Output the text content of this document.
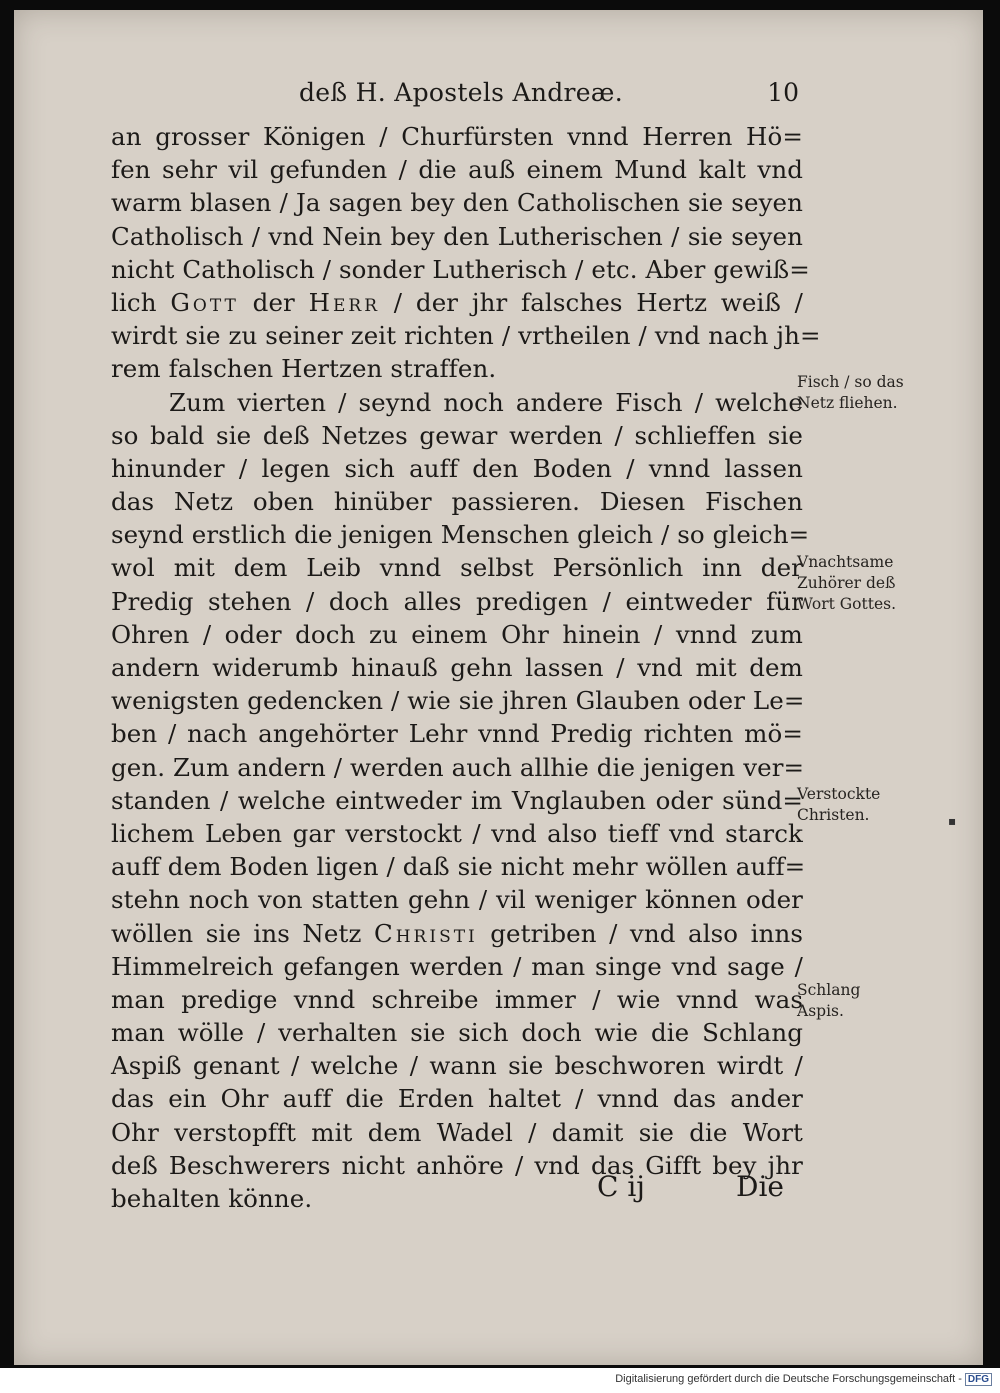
deß H. Apostels Andreæ.	10
an grosser Königen / Churfürsten vnnd Herren Hö=
fen sehr vil gefunden / die auß einem Mund kalt vnd
warm blasen / Ja sagen bey den Catholischen sie seyen
Catholisch / vnd Nein bey den Lutherischen / sie seyen
nicht Catholisch / sonder Lutherisch / etc. Aber gewiß=
lich Gott der Herr / der jhr falsches Hertz weiß /
wirdt sie zu seiner zeit richten / vrtheilen / vnd nach jh=
rem falschen Hertzen straffen.
Zum vierten / seynd noch andere Fisch / welche
so bald sie deß Netzes gewar werden / schlieffen sie
hinunder / legen sich auff den Boden / vnnd lassen
das Netz oben hinüber passieren. Diesen Fischen
seynd erstlich die jenigen Menschen gleich / so gleich=
wol mit dem Leib vnnd selbst Persönlich inn der
Predig stehen / doch alles predigen / eintweder für
Ohren / oder doch zu einem Ohr hinein / vnnd zum
andern widerumb hinauß gehn lassen / vnd mit dem
wenigsten gedencken / wie sie jhren Glauben oder Le=
ben / nach angehörter Lehr vnnd Predig richten mö=
gen. Zum andern / werden auch allhie die jenigen ver=
standen / welche eintweder im Vnglauben oder sünd=
lichem Leben gar verstockt / vnd also tieff vnd starck
auff dem Boden ligen / daß sie nicht mehr wöllen auff=
stehn noch von statten gehn / vil weniger können oder
wöllen sie ins Netz Christi getriben / vnd also inns
Himmelreich gefangen werden / man singe vnd sage /
man predige vnnd schreibe immer / wie vnnd was
man wölle / verhalten sie sich doch wie die Schlang
Aspiß genant / welche / wann sie beschworen wirdt /
das ein Ohr auff die Erden haltet / vnnd das ander
Ohr verstopfft mit dem Wadel / damit sie die Wort
deß Beschwerers nicht anhöre / vnd das Gifft bey jhr
behalten könne.
Fisch / so das
Netz fliehen.
Vnachtsame
Zuhörer deß
Wort Gottes.
Verstockte
Christen.
Schlang
Aspis.
▪
C ij	Die
Digitalisierung gefördert durch die Deutsche Forschungsgemeinschaft - DFG
